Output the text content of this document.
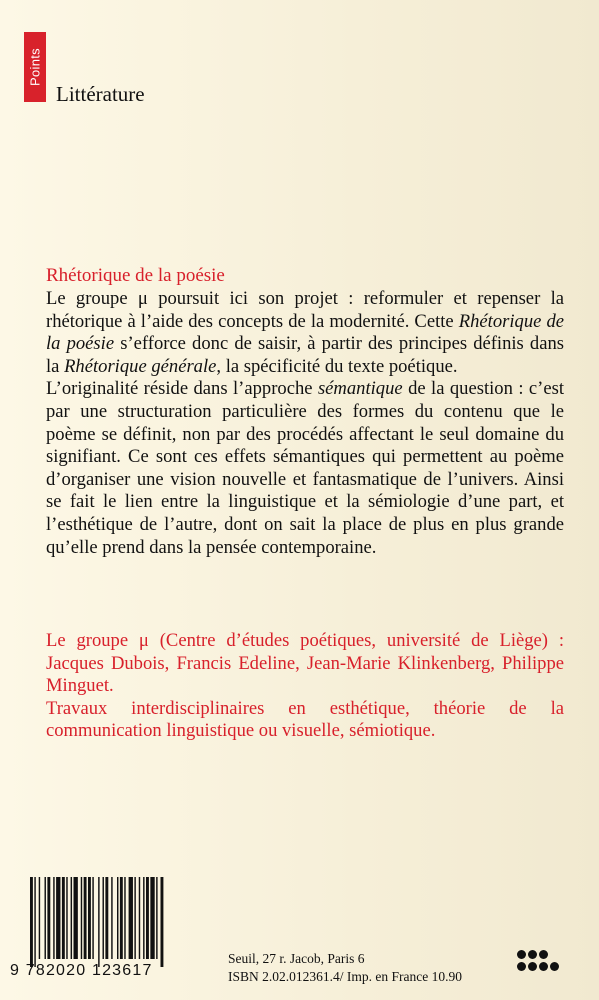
Points
Littérature
Rhétorique de la poésie

Le groupe μ poursuit ici son projet : reformuler et repenser la rhétorique à l’aide des concepts de la modernité. Cette Rhétorique de la poésie s’efforce donc de saisir, à partir des principes définis dans la Rhétorique générale, la spécificité du texte poétique.

L’originalité réside dans l’approche sémantique de la question : c’est par une structuration particulière des formes du contenu que le poème se définit, non par des procédés affectant le seul domaine du signifiant. Ce sont ces effets sémantiques qui permettent au poème d’organiser une vision nouvelle et fantasmatique de l’univers. Ainsi se fait le lien entre la linguistique et la sémiologie d’une part, et l’esthétique de l’autre, dont on sait la place de plus en plus grande qu’elle prend dans la pensée contemporaine.

Le groupe μ (Centre d’études poétiques, université de Liège) : Jacques Dubois, Francis Edeline, Jean-Marie Klinkenberg, Philippe Minguet.

Travaux interdisciplinaires en esthétique, théorie de la communication linguistique ou visuelle, sémiotique.

9 782020 123617
Seuil, 27 r. Jacob, Paris 6
ISBN 2.02.012361.4/ Imp. en France 10.90
